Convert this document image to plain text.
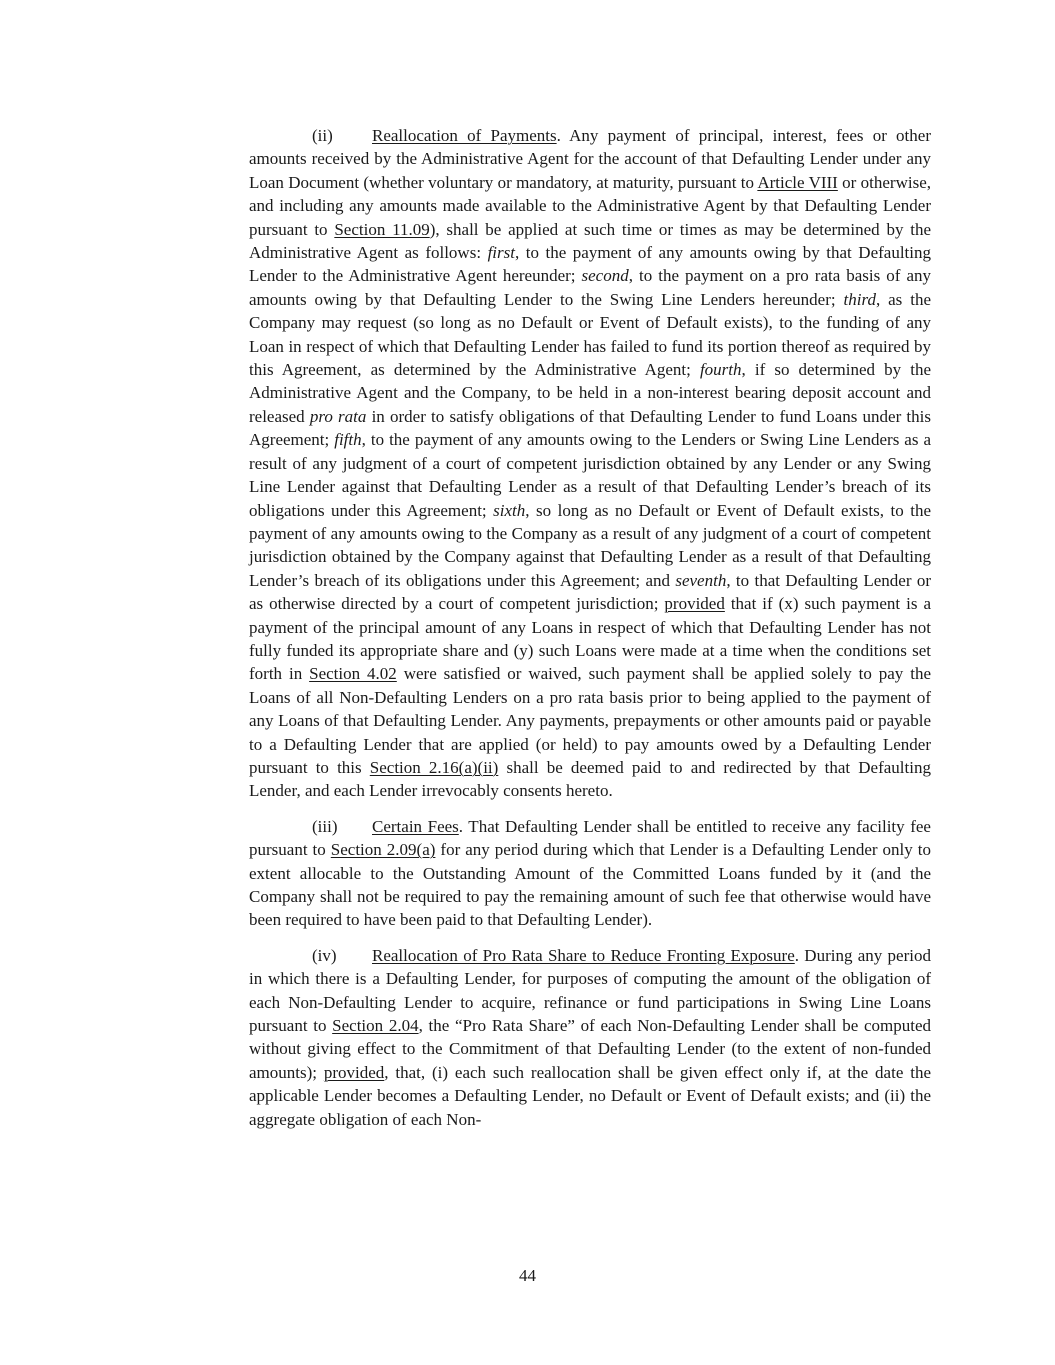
(ii) Reallocation of Payments. Any payment of principal, interest, fees or other amounts received by the Administrative Agent for the account of that Defaulting Lender under any Loan Document (whether voluntary or mandatory, at maturity, pursuant to Article VIII or otherwise, and including any amounts made available to the Administrative Agent by that Defaulting Lender pursuant to Section 11.09), shall be applied at such time or times as may be determined by the Administrative Agent as follows: first, to the payment of any amounts owing by that Defaulting Lender to the Administrative Agent hereunder; second, to the payment on a pro rata basis of any amounts owing by that Defaulting Lender to the Swing Line Lenders hereunder; third, as the Company may request (so long as no Default or Event of Default exists), to the funding of any Loan in respect of which that Defaulting Lender has failed to fund its portion thereof as required by this Agreement, as determined by the Administrative Agent; fourth, if so determined by the Administrative Agent and the Company, to be held in a non-interest bearing deposit account and released pro rata in order to satisfy obligations of that Defaulting Lender to fund Loans under this Agreement; fifth, to the payment of any amounts owing to the Lenders or Swing Line Lenders as a result of any judgment of a court of competent jurisdiction obtained by any Lender or any Swing Line Lender against that Defaulting Lender as a result of that Defaulting Lender’s breach of its obligations under this Agreement; sixth, so long as no Default or Event of Default exists, to the payment of any amounts owing to the Company as a result of any judgment of a court of competent jurisdiction obtained by the Company against that Defaulting Lender as a result of that Defaulting Lender’s breach of its obligations under this Agreement; and seventh, to that Defaulting Lender or as otherwise directed by a court of competent jurisdiction; provided that if (x) such payment is a payment of the principal amount of any Loans in respect of which that Defaulting Lender has not fully funded its appropriate share and (y) such Loans were made at a time when the conditions set forth in Section 4.02 were satisfied or waived, such payment shall be applied solely to pay the Loans of all Non-Defaulting Lenders on a pro rata basis prior to being applied to the payment of any Loans of that Defaulting Lender. Any payments, prepayments or other amounts paid or payable to a Defaulting Lender that are applied (or held) to pay amounts owed by a Defaulting Lender pursuant to this Section 2.16(a)(ii) shall be deemed paid to and redirected by that Defaulting Lender, and each Lender irrevocably consents hereto.

(iii) Certain Fees. That Defaulting Lender shall be entitled to receive any facility fee pursuant to Section 2.09(a) for any period during which that Lender is a Defaulting Lender only to extent allocable to the Outstanding Amount of the Committed Loans funded by it (and the Company shall not be required to pay the remaining amount of such fee that otherwise would have been required to have been paid to that Defaulting Lender).

(iv) Reallocation of Pro Rata Share to Reduce Fronting Exposure. During any period in which there is a Defaulting Lender, for purposes of computing the amount of the obligation of each Non-Defaulting Lender to acquire, refinance or fund participations in Swing Line Loans pursuant to Section 2.04, the “Pro Rata Share” of each Non-Defaulting Lender shall be computed without giving effect to the Commitment of that Defaulting Lender (to the extent of non-funded amounts); provided, that, (i) each such reallocation shall be given effect only if, at the date the applicable Lender becomes a Defaulting Lender, no Default or Event of Default exists; and (ii) the aggregate obligation of each Non-

44
